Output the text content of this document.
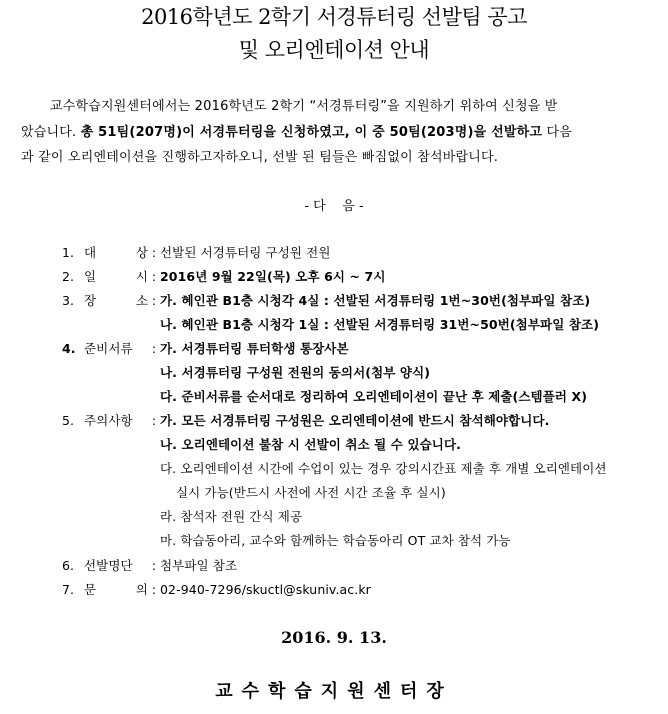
2016학년도 2학기 서경튜터링 선발팀 공고
및 오리엔테이션 안내
교수학습지원센터에서는 2016학년도 2학기 “서경튜터링”을 지원하기 위하여 신청을 받
았습니다. 총 51팀(207명)이 서경튜터링을 신청하였고, 이 중 50팀(203명)을 선발하고 다음
과 같이 오리엔테이션을 진행하고자하오니, 선발 된 팀들은 빠짐없이 참석바랍니다.
- 다    음 -
1. 대	상 : 선발된 서경튜터링 구성원 전원
2. 일	시 : 2016년 9월 22일(목) 오후 6시 ~ 7시
3. 장	소 : 가. 혜인관 B1층 시청각 4실 : 선발된 서경튜터링 1번~30번(첨부파일 참조)
나. 혜인관 B1층 시청각 1실 : 선발된 서경튜터링 31번~50번(첨부파일 참조)
4. 준비서류 : 가. 서경튜터링 튜터학생 통장사본
나. 서경튜터링 구성원 전원의 동의서(첨부 양식)
다. 준비서류를 순서대로 정리하여 오리엔테이션이 끝난 후 제출(스템플러 X)
5. 주의사항 : 가. 모든 서경튜터링 구성원은 오리엔테이션에 반드시 참석해야합니다.
나. 오리엔테이션 불참 시 선발이 취소 될 수 있습니다.
다. 오리엔테이션 시간에 수업이 있는 경우 강의시간표 제출 후 개별 오리엔테이션
실시 가능(반드시 사전에 사전 시간 조율 후 실시)
라. 참석자 전원 간식 제공
마. 학습동아리, 교수와 함께하는 학습동아리 OT 교차 참석 가능
6. 선발명단 : 첨부파일 참조
7. 문	의 : 02-940-7296/skuctl@skuniv.ac.kr
2016. 9. 13.
교수학습지원센터장
